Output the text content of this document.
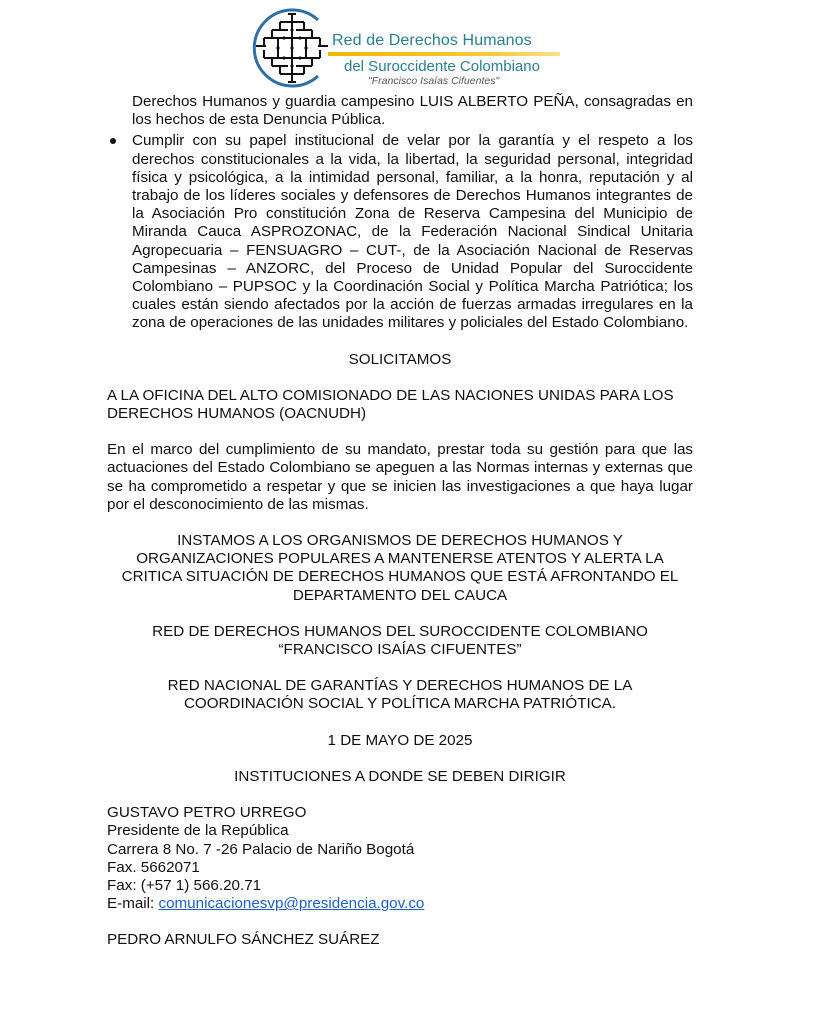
Red de Derechos Humanos
del Suroccidente Colombiano
"Francisco Isaías Cifuentes"

Derechos Humanos y guardia campesino LUIS ALBERTO PEÑA, consagradas en los hechos de esta Denuncia Pública.

Cumplir con su papel institucional de velar por la garantía y el respeto a los derechos constitucionales a la vida, la libertad, la seguridad personal, integridad física y psicológica, a la intimidad personal, familiar, a la honra, reputación y al trabajo de los líderes sociales y defensores de Derechos Humanos integrantes de la Asociación Pro constitución Zona de Reserva Campesina del Municipio de Miranda Cauca ASPROZONAC, de la Federación Nacional Sindical Unitaria Agropecuaria – FENSUAGRO – CUT-, de la Asociación Nacional de Reservas Campesinas – ANZORC, del Proceso de Unidad Popular del Suroccidente Colombiano – PUPSOC y la Coordinación Social y Política Marcha Patriótica; los cuales están siendo afectados por la acción de fuerzas armadas irregulares en la zona de operaciones de las unidades militares y policiales del Estado Colombiano.

SOLICITAMOS

A LA OFICINA DEL ALTO COMISIONADO DE LAS NACIONES UNIDAS PARA LOS DERECHOS HUMANOS (OACNUDH)

En el marco del cumplimiento de su mandato, prestar toda su gestión para que las actuaciones del Estado Colombiano se apeguen a las Normas internas y externas que se ha comprometido a respetar y que se inicien las investigaciones a que haya lugar por el desconocimiento de las mismas.

INSTAMOS A LOS ORGANISMOS DE DERECHOS HUMANOS Y ORGANIZACIONES POPULARES A MANTENERSE ATENTOS Y ALERTA LA CRITICA SITUACIÓN DE DERECHOS HUMANOS QUE ESTÁ AFRONTANDO EL DEPARTAMENTO DEL CAUCA

RED DE DERECHOS HUMANOS DEL SUROCCIDENTE COLOMBIANO “FRANCISCO ISAÍAS CIFUENTES”

RED NACIONAL DE GARANTÍAS Y DERECHOS HUMANOS DE LA COORDINACIÓN SOCIAL Y POLÍTICA MARCHA PATRIÓTICA.

1 DE MAYO DE 2025

INSTITUCIONES A DONDE SE DEBEN DIRIGIR

GUSTAVO PETRO URREGO

Presidente de la República

Carrera 8 No. 7 -26 Palacio de Nariño Bogotá

Fax. 5662071

Fax: (+57 1) 566.20.71

E-mail: comunicacionesvp@presidencia.gov.co

PEDRO ARNULFO SÁNCHEZ SUÁREZ
